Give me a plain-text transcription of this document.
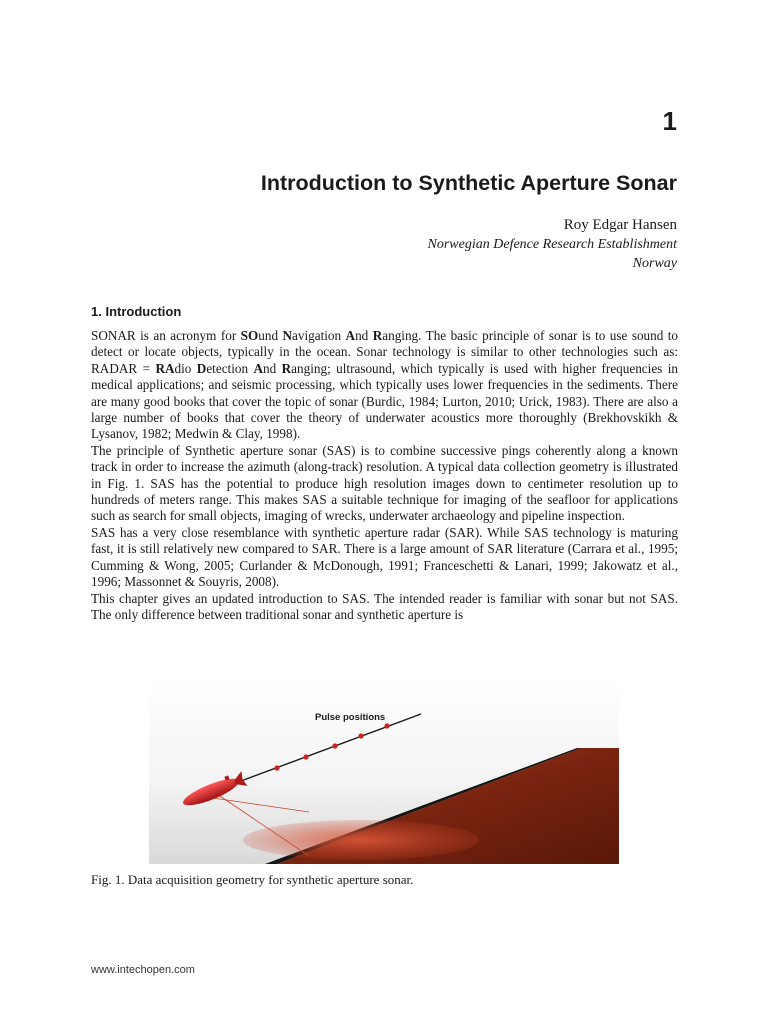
1
Introduction to Synthetic Aperture Sonar
Roy Edgar Hansen
Norwegian Defence Research Establishment
Norway
1. Introduction

SONAR is an acronym for SOund Navigation And Ranging. The basic principle of sonar is to use sound to detect or locate objects, typically in the ocean. Sonar technology is similar to other technologies such as: RADAR = RAdio Detection And Ranging; ultrasound, which typically is used with higher frequencies in medical applications; and seismic processing, which typically uses lower frequencies in the sediments. There are many good books that cover the topic of sonar (Burdic, 1984; Lurton, 2010; Urick, 1983). There are also a large number of books that cover the theory of underwater acoustics more thoroughly (Brekhovskikh & Lysanov, 1982; Medwin & Clay, 1998).

The principle of Synthetic aperture sonar (SAS) is to combine successive pings coherently along a known track in order to increase the azimuth (along-track) resolution. A typical data collection geometry is illustrated in Fig. 1. SAS has the potential to produce high resolution images down to centimeter resolution up to hundreds of meters range. This makes SAS a suitable technique for imaging of the seafloor for applications such as search for small objects, imaging of wrecks, underwater archaeology and pipeline inspection.

SAS has a very close resemblance with synthetic aperture radar (SAR). While SAS technology is maturing fast, it is still relatively new compared to SAR. There is a large amount of SAR literature (Carrara et al., 1995; Cumming & Wong, 2005; Curlander & McDonough, 1991; Franceschetti & Lanari, 1999; Jakowatz et al., 1996; Massonnet & Souyris, 2008).

This chapter gives an updated introduction to SAS. The intended reader is familiar with sonar but not SAS. The only difference between traditional sonar and synthetic aperture is

Pulse positions
Fig. 1. Data acquisition geometry for synthetic aperture sonar.
www.intechopen.com
